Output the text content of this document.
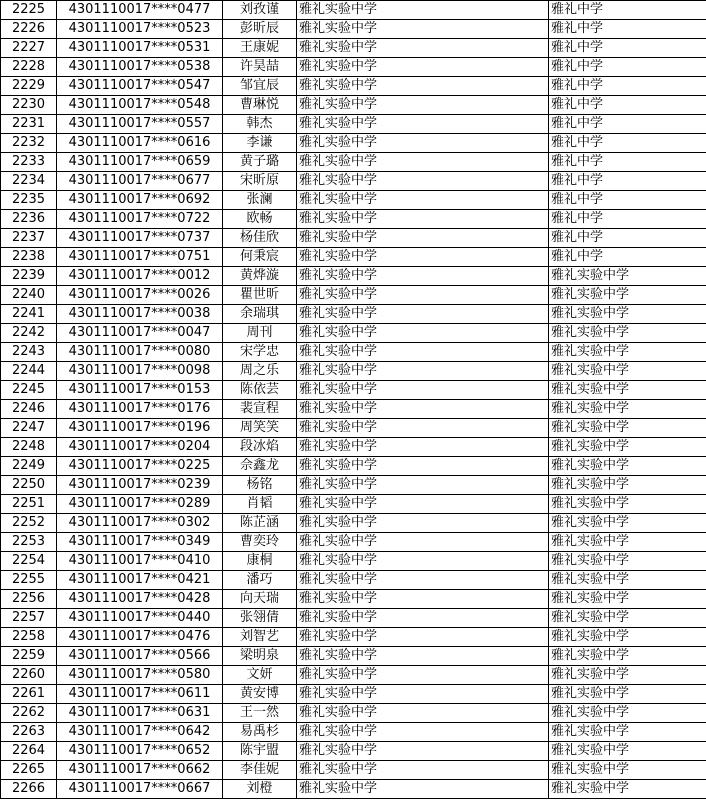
2225	4301110017****0477	刘孜谨	雅礼实验中学	雅礼中学
2226	4301110017****0523	彭昕辰	雅礼实验中学	雅礼中学
2227	4301110017****0531	王康妮	雅礼实验中学	雅礼中学
2228	4301110017****0538	许昊喆	雅礼实验中学	雅礼中学
2229	4301110017****0547	邹宜辰	雅礼实验中学	雅礼中学
2230	4301110017****0548	曹琳悦	雅礼实验中学	雅礼中学
2231	4301110017****0557	韩杰	雅礼实验中学	雅礼中学
2232	4301110017****0616	李谦	雅礼实验中学	雅礼中学
2233	4301110017****0659	黄子璐	雅礼实验中学	雅礼中学
2234	4301110017****0677	宋昕原	雅礼实验中学	雅礼中学
2235	4301110017****0692	张澜	雅礼实验中学	雅礼中学
2236	4301110017****0722	欧畅	雅礼实验中学	雅礼中学
2237	4301110017****0737	杨佳欣	雅礼实验中学	雅礼中学
2238	4301110017****0751	何秉宸	雅礼实验中学	雅礼中学
2239	4301110017****0012	黄烨漩	雅礼实验中学	雅礼实验中学
2240	4301110017****0026	瞿世昕	雅礼实验中学	雅礼实验中学
2241	4301110017****0038	余瑞琪	雅礼实验中学	雅礼实验中学
2242	4301110017****0047	周刊	雅礼实验中学	雅礼实验中学
2243	4301110017****0080	宋学忠	雅礼实验中学	雅礼实验中学
2244	4301110017****0098	周之乐	雅礼实验中学	雅礼实验中学
2245	4301110017****0153	陈依芸	雅礼实验中学	雅礼实验中学
2246	4301110017****0176	裴宣程	雅礼实验中学	雅礼实验中学
2247	4301110017****0196	周笑笑	雅礼实验中学	雅礼实验中学
2248	4301110017****0204	段冰焰	雅礼实验中学	雅礼实验中学
2249	4301110017****0225	佘鑫龙	雅礼实验中学	雅礼实验中学
2250	4301110017****0239	杨铭	雅礼实验中学	雅礼实验中学
2251	4301110017****0289	肖韬	雅礼实验中学	雅礼实验中学
2252	4301110017****0302	陈芷涵	雅礼实验中学	雅礼实验中学
2253	4301110017****0349	曹奕玲	雅礼实验中学	雅礼实验中学
2254	4301110017****0410	康桐	雅礼实验中学	雅礼实验中学
2255	4301110017****0421	潘巧	雅礼实验中学	雅礼实验中学
2256	4301110017****0428	向天瑞	雅礼实验中学	雅礼实验中学
2257	4301110017****0440	张翎倩	雅礼实验中学	雅礼实验中学
2258	4301110017****0476	刘智艺	雅礼实验中学	雅礼实验中学
2259	4301110017****0566	梁明泉	雅礼实验中学	雅礼实验中学
2260	4301110017****0580	文妍	雅礼实验中学	雅礼实验中学
2261	4301110017****0611	黄安博	雅礼实验中学	雅礼实验中学
2262	4301110017****0631	王一然	雅礼实验中学	雅礼实验中学
2263	4301110017****0642	易禹杉	雅礼实验中学	雅礼实验中学
2264	4301110017****0652	陈宇盟	雅礼实验中学	雅礼实验中学
2265	4301110017****0662	李佳妮	雅礼实验中学	雅礼实验中学
2266	4301110017****0667	刘橙	雅礼实验中学	雅礼实验中学
